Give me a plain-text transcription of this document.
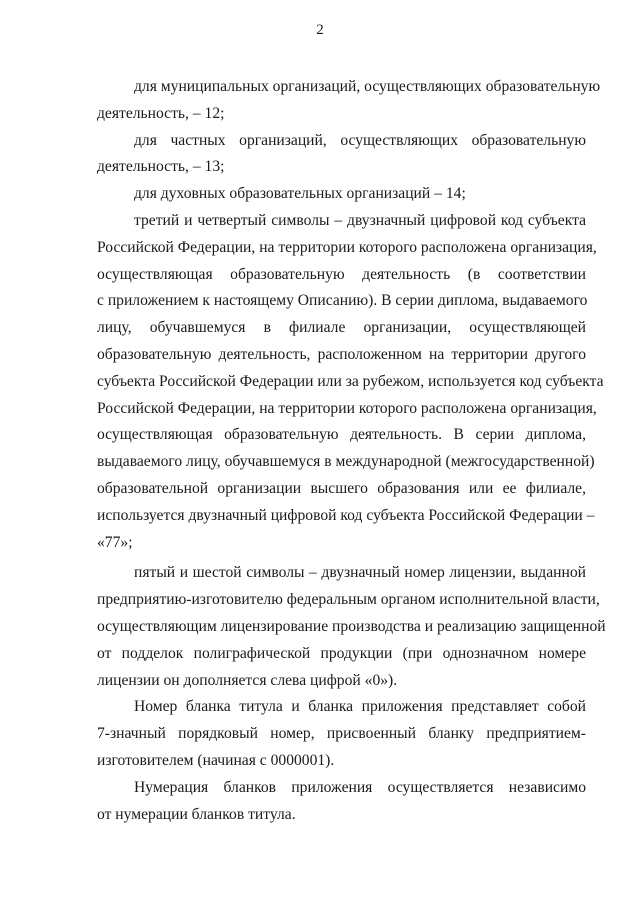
2
для муниципальных организаций, осуществляющих образовательную
деятельность, – 12;
для частных организаций, осуществляющих образовательную
деятельность, – 13;
для духовных образовательных организаций – 14;
третий и четвертый символы – двузначный цифровой код субъекта
Российской Федерации, на территории которого расположена организация,
осуществляющая образовательную деятельность (в соответствии
с приложением к настоящему Описанию). В серии диплома, выдаваемого
лицу, обучавшемуся в филиале организации, осуществляющей
образовательную деятельность, расположенном на территории другого
субъекта Российской Федерации или за рубежом, используется код субъекта
Российской Федерации, на территории которого расположена организация,
осуществляющая образовательную деятельность. В серии диплома,
выдаваемого лицу, обучавшемуся в международной (межгосударственной)
образовательной организации высшего образования или ее филиале,
используется двузначный цифровой код субъекта Российской Федерации –
«77»;
пятый и шестой символы – двузначный номер лицензии, выданной
предприятию-изготовителю федеральным органом исполнительной власти,
осуществляющим лицензирование производства и реализацию защищенной
от подделок полиграфической продукции (при однозначном номере
лицензии он дополняется слева цифрой «0»).
Номер бланка титула и бланка приложения представляет собой
7-значный порядковый номер, присвоенный бланку предприятием-
изготовителем (начиная с 0000001).
Нумерация бланков приложения осуществляется независимо
от нумерации бланков титула.
